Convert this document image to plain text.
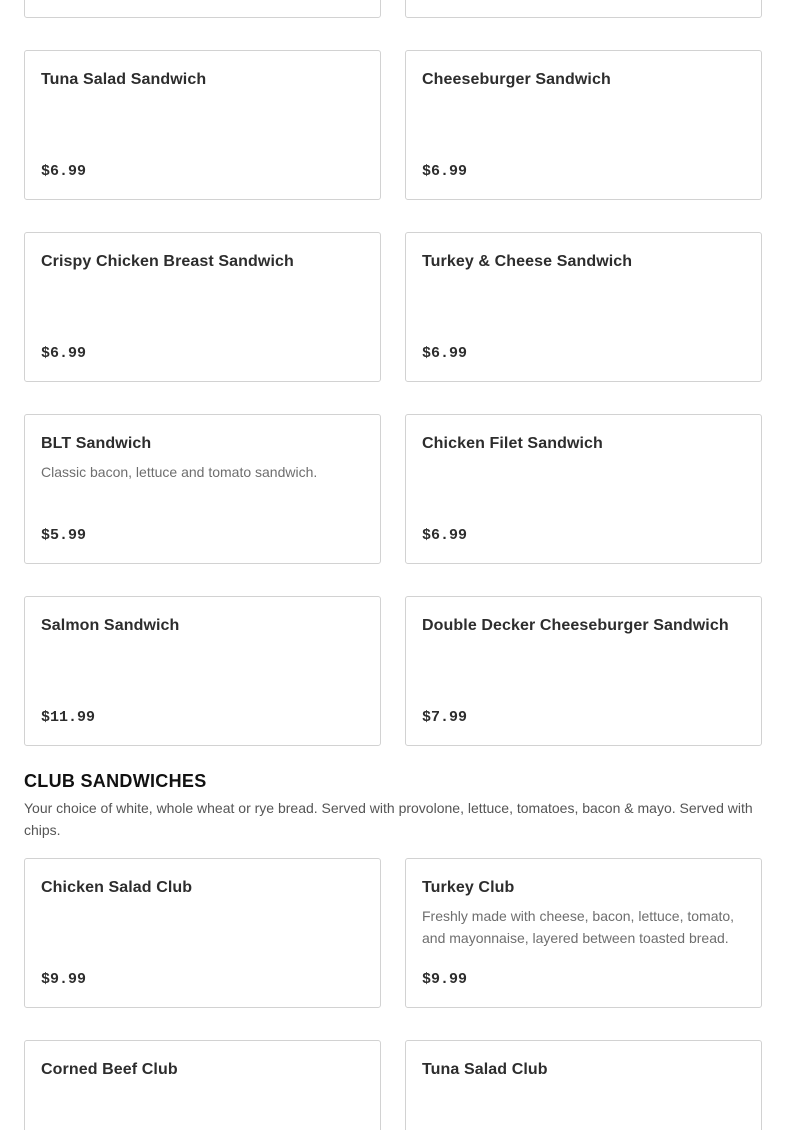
Tuna Salad Sandwich
$6.99
Cheeseburger Sandwich
$6.99
Crispy Chicken Breast Sandwich
$6.99
Turkey & Cheese Sandwich
$6.99
BLT Sandwich
Classic bacon, lettuce and tomato sandwich.
$5.99
Chicken Filet Sandwich
$6.99
Salmon Sandwich
$11.99
Double Decker Cheeseburger Sandwich
$7.99
CLUB SANDWICHES
Your choice of white, whole wheat or rye bread. Served with provolone, lettuce, tomatoes, bacon & mayo. Served with chips.
Chicken Salad Club
$9.99
Turkey Club
Freshly made with cheese, bacon, lettuce, tomato, and mayonnaise, layered between toasted bread.
$9.99
Corned Beef Club	Tuna Salad Club
